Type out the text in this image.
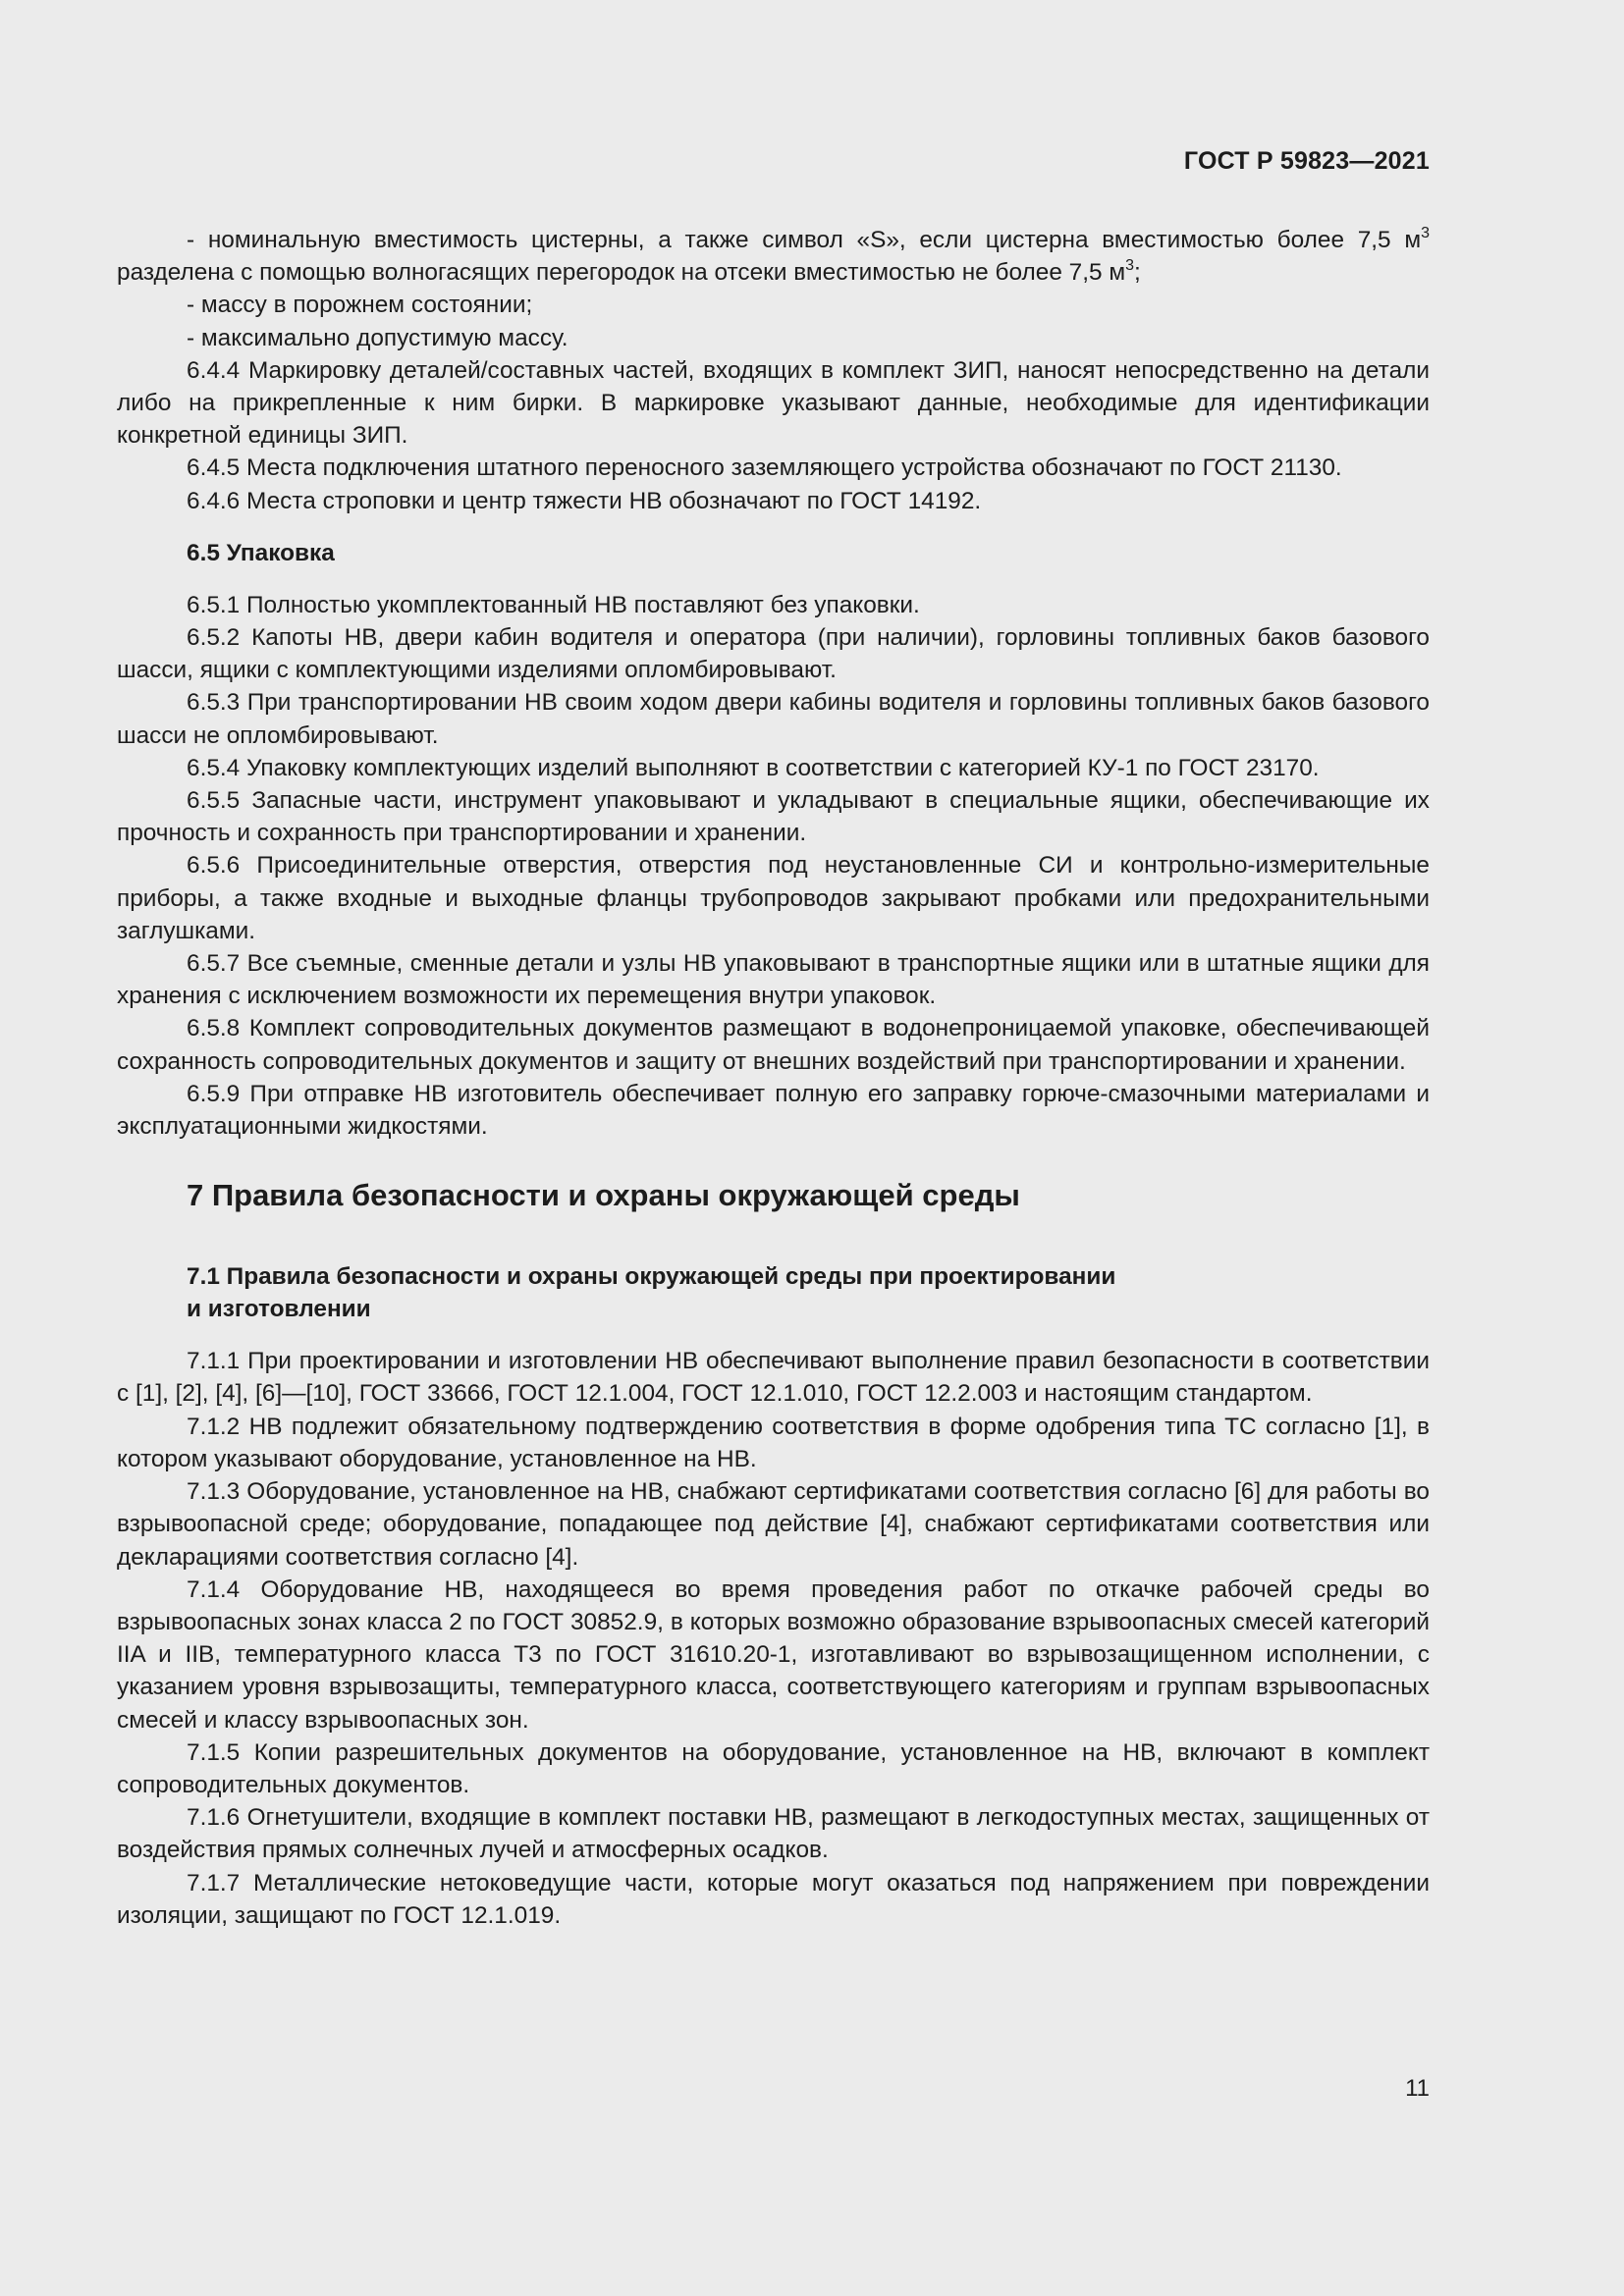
ГОСТ Р 59823—2021

- номинальную вместимость цистерны, а также символ «S», если цистерна вместимостью более 7,5 $м^3$ разделена с помощью волногасящих перегородок на отсеки вместимостью не более 7,5 $м^3$;

- массу в порожнем состоянии;

- максимально допустимую массу.

6.4.4 Маркировку деталей/составных частей, входящих в комплект ЗИП, наносят непосредственно на детали либо на прикрепленные к ним бирки. В маркировке указывают данные, необходимые для идентификации конкретной единицы ЗИП.

6.4.5 Места подключения штатного переносного заземляющего устройства обозначают по ГОСТ 21130.

6.4.6 Места строповки и центр тяжести НВ обозначают по ГОСТ 14192.

6.5 Упаковка

6.5.1 Полностью укомплектованный НВ поставляют без упаковки.

6.5.2 Капоты НВ, двери кабин водителя и оператора (при наличии), горловины топливных баков базового шасси, ящики с комплектующими изделиями опломбировывают.

6.5.3 При транспортировании НВ своим ходом двери кабины водителя и горловины топливных баков базового шасси не опломбировывают.

6.5.4 Упаковку комплектующих изделий выполняют в соответствии с категорией КУ-1 по ГОСТ 23170.

6.5.5 Запасные части, инструмент упаковывают и укладывают в специальные ящики, обеспечивающие их прочность и сохранность при транспортировании и хранении.

6.5.6 Присоединительные отверстия, отверстия под неустановленные СИ и контрольно-измерительные приборы, а также входные и выходные фланцы трубопроводов закрывают пробками или предохранительными заглушками.

6.5.7 Все съемные, сменные детали и узлы НВ упаковывают в транспортные ящики или в штатные ящики для хранения с исключением возможности их перемещения внутри упаковок.

6.5.8 Комплект сопроводительных документов размещают в водонепроницаемой упаковке, обеспечивающей сохранность сопроводительных документов и защиту от внешних воздействий при транспортировании и хранении.

6.5.9 При отправке НВ изготовитель обеспечивает полную его заправку горюче-смазочными материалами и эксплуатационными жидкостями.

7 Правила безопасности и охраны окружающей среды
7.1 Правила безопасности и охраны окружающей среды при проектировании
и изготовлении

7.1.1 При проектировании и изготовлении НВ обеспечивают выполнение правил безопасности в соответствии с [1], [2], [4], [6]—[10], ГОСТ 33666, ГОСТ 12.1.004, ГОСТ 12.1.010, ГОСТ 12.2.003 и настоящим стандартом.

7.1.2 НВ подлежит обязательному подтверждению соответствия в форме одобрения типа ТС согласно [1], в котором указывают оборудование, установленное на НВ.

7.1.3 Оборудование, установленное на НВ, снабжают сертификатами соответствия согласно [6] для работы во взрывоопасной среде; оборудование, попадающее под действие [4], снабжают сертификатами соответствия или декларациями соответствия согласно [4].

7.1.4 Оборудование НВ, находящееся во время проведения работ по откачке рабочей среды во взрывоопасных зонах класса 2 по ГОСТ 30852.9, в которых возможно образование взрывоопасных смесей категорий IIA и IIB, температурного класса Т3 по ГОСТ 31610.20-1, изготавливают во взрывозащищенном исполнении, с указанием уровня взрывозащиты, температурного класса, соответствующего категориям и группам взрывоопасных смесей и классу взрывоопасных зон.

7.1.5 Копии разрешительных документов на оборудование, установленное на НВ, включают в комплект сопроводительных документов.

7.1.6 Огнетушители, входящие в комплект поставки НВ, размещают в легкодоступных местах, защищенных от воздействия прямых солнечных лучей и атмосферных осадков.

7.1.7 Металлические нетоковедущие части, которые могут оказаться под напряжением при повреждении изоляции, защищают по ГОСТ 12.1.019.

11
